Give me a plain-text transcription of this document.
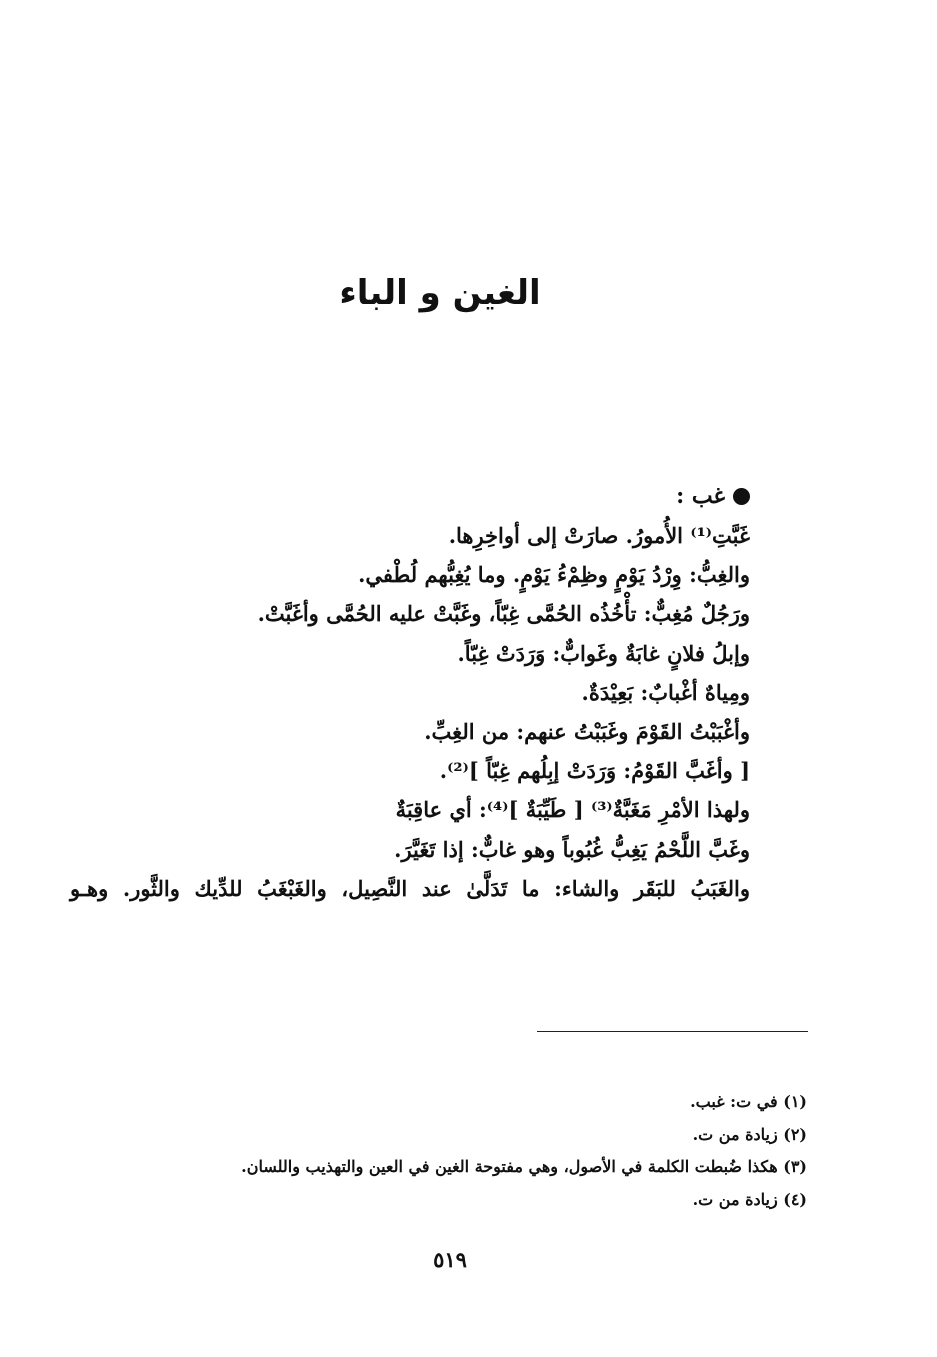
الغين و الباء
غب :
غَبَّتِ⁽¹⁾ الأُمورُ. صارَتْ إلى أواخِرِها.
والغِبُّ: وِرْدُ يَوْمٍ وظِمْءُ يَوْمٍ. وما يُغِبُّهم لُطْفي.
ورَجُلٌ مُغِبٌّ: تأْخُذُه الحُمَّى غِبّاً، وغَبَّتْ عليه الحُمَّى وأغَبَّتْ.
وإبلُ فلانٍ غابَةٌ وغَوابٌّ: وَرَدَتْ غِبّاً.
ومِياهٌ أغْبابٌ: بَعِيْدَةٌ.
وأغْبَبْتُ القَوْمَ وغَبَبْتُ عنهم: من الغِبِّ.
[ وأغَبَّ القَوْمُ: وَرَدَتْ إبِلُهم غِبّاً ]⁽²⁾.
ولهذا الأمْرِ مَغَبَّةٌ⁽³⁾ [ طَيِّبَةٌ ]⁽⁴⁾: أي عاقِبَةٌ
وغَبَّ اللَّحْمُ يَغِبُّ غُبُوباً وهو غابٌّ: إذا تَغَيَّرَ.
والغَبَبُ للبَقَر والشاء: ما تَدَلَّىٰ عند النَّصِيل، والغَبْغَبُ للدِّيك والثَّور. وهـو
(١) في ت: غبب.
(٢) زيادة من ت.
(٣) هكذا ضُبطت الكلمة في الأصول، وهي مفتوحة الغين في العين والتهذيب واللسان.
(٤) زيادة من ت.
٥١٩
